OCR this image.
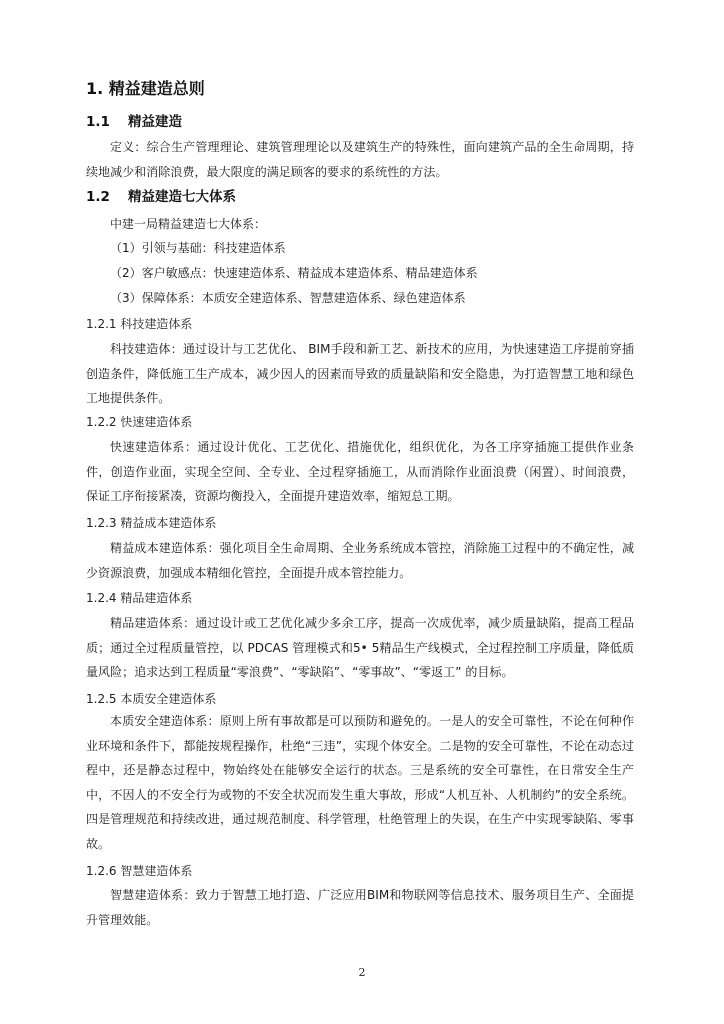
1. 精益建造总则
1.1 精益建造
定义：综合生产管理理论、建筑管理理论以及建筑生产的特殊性，面向建筑产品的全生命周期，持续地减少和消除浪费，最大限度的满足顾客的要求的系统性的方法。
1.2 精益建造七大体系
中建一局精益建造七大体系：
（1）引领与基础：科技建造体系
（2）客户敏感点：快速建造体系、精益成本建造体系、精品建造体系
（3）保障体系：本质安全建造体系、智慧建造体系、绿色建造体系
1.2.1 科技建造体系
科技建造体：通过设计与工艺优化、 BIM手段和新工艺、新技术的应用，为快速建造工序提前穿插创造条件，降低施工生产成本，减少因人的因素而导致的质量缺陷和安全隐患，为打造智慧工地和绿色工地提供条件。
1.2.2 快速建造体系
快速建造体系：通过设计优化、工艺优化、措施优化，组织优化，为各工序穿插施工提供作业条件，创造作业面，实现全空间、全专业、全过程穿插施工，从而消除作业面浪费（闲置）、时间浪费，保证工序衔接紧凑，资源均衡投入，全面提升建造效率，缩短总工期。
1.2.3 精益成本建造体系
精益成本建造体系：强化项目全生命周期、全业务系统成本管控，消除施工过程中的不确定性，减少资源浪费，加强成本精细化管控，全面提升成本管控能力。
1.2.4 精品建造体系
精品建造体系：通过设计或工艺优化减少多余工序，提高一次成优率，减少质量缺陷，提高工程品质；通过全过程质量管控，以 PDCAS 管理模式和5• 5精品生产线模式，全过程控制工序质量，降低质量风险；追求达到工程质量“零浪费”、“零缺陷”、“零事故”、“零返工” 的目标。
1.2.5 本质安全建造体系
本质安全建造体系：原则上所有事故都是可以预防和避免的。一是人的安全可靠性，不论在何种作业环境和条件下，都能按规程操作，杜绝“三违”，实现个体安全。二是物的安全可靠性，不论在动态过程中，还是静态过程中，物始终处在能够安全运行的状态。三是系统的安全可靠性，在日常安全生产中，不因人的不安全行为或物的不安全状况而发生重大事故，形成“人机互补、人机制约”的安全系统。四是管理规范和持续改进，通过规范制度、科学管理，杜绝管理上的失误，在生产中实现零缺陷、零事故。
1.2.6 智慧建造体系
智慧建造体系：致力于智慧工地打造、广泛应用BIM和物联网等信息技术、服务项目生产、全面提升管理效能。
2
